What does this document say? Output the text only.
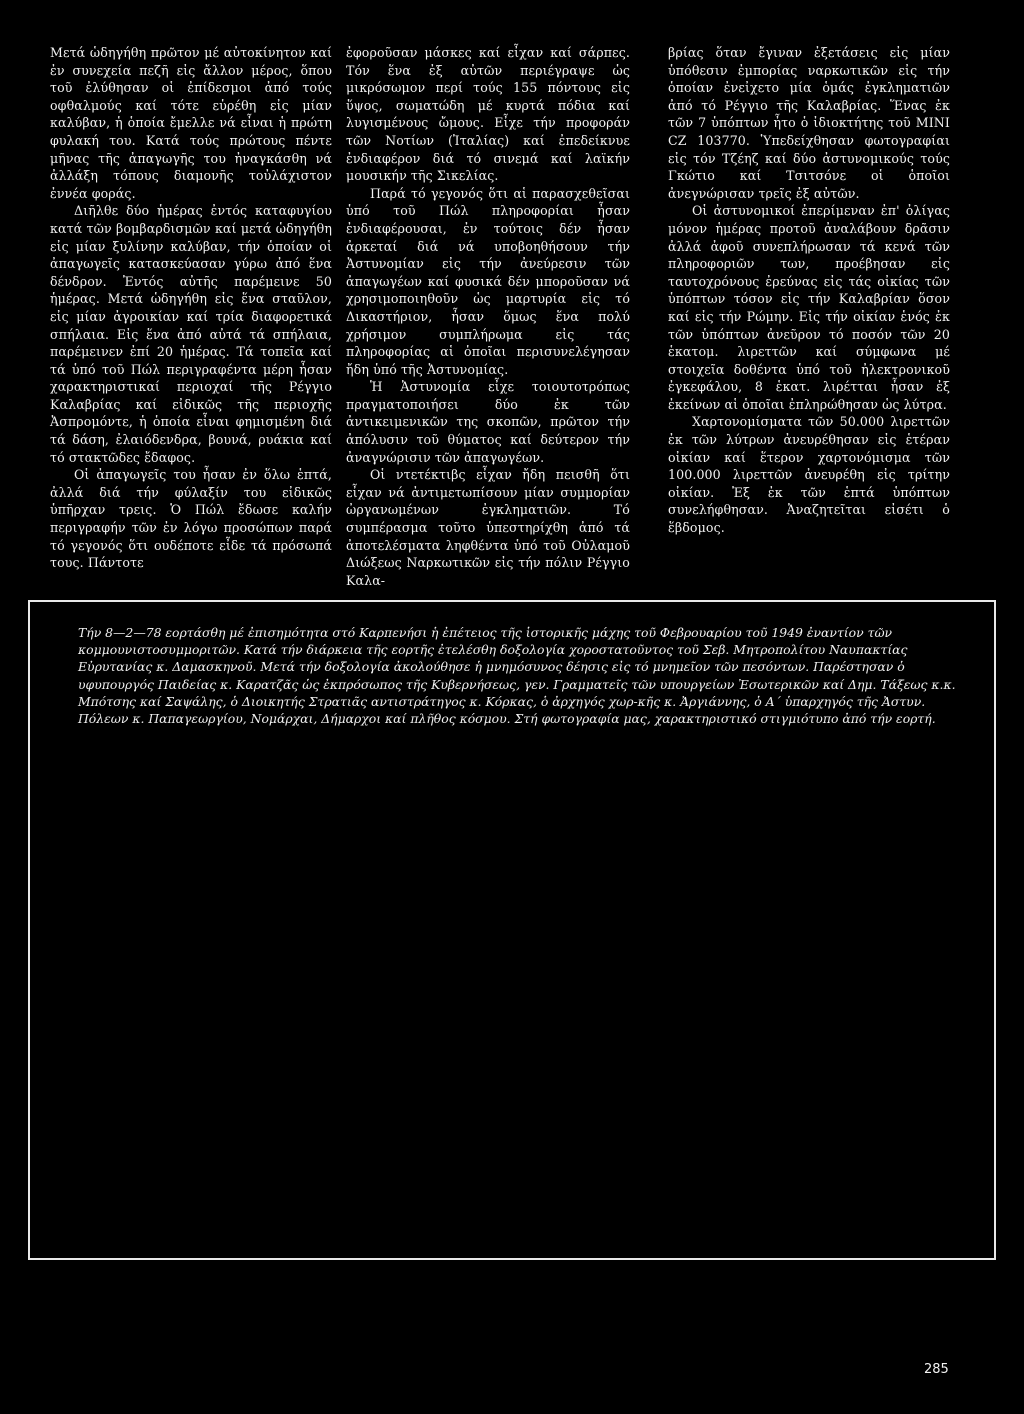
Μετά ὡδηγήθη πρῶτον μέ αὐτοκίνητον καί ἐν συνεχεία πεζῆ εἰς ἄλλον μέρος, ὅπου τοῦ ἐλύθησαν οἱ ἐπίδεσμοι ἀπό τούς οφθαλμούς καί τότε εὑρέθη εἰς μίαν καλύβαν, ἡ ὁποία ἔμελλε νά εἶναι ἡ πρώτη φυλακή του. Κατά τούς πρώτους πέντε μῆνας τῆς ἀπαγωγῆς του ἠναγκάσθη νά ἀλλάξη τόπους διαμονῆς τοὐλάχιστον ἐννέα φοράς.

Διῆλθε δύο ἡμέρας ἐντός καταφυγίου κατά τῶν βομβαρδισμῶν καί μετά ὡδηγήθη εἰς μίαν ξυλίνην καλύβαν, τήν ὁποίαν οἱ ἀπαγωγεῖς κατασκεύασαν γύρω ἀπό ἕνα δένδρον. Ἐντός αὐτῆς παρέμεινε 50 ἡμέρας. Μετά ὡδηγήθη εἰς ἕνα σταῦλον, εἰς μίαν ἀγροικίαν καί τρία διαφορετικά σπήλαια. Εἰς ἕνα ἀπό αὐτά τά σπήλαια, παρέμεινεν ἐπί 20 ἡμέρας. Τά τοπεῖα καί τά ὑπό τοῦ Πώλ περιγραφέντα μέρη ἦσαν χαρακτηριστικαί περιοχαί τῆς Ρέγγιο Καλαβρίας καί εἰδικῶς τῆς περιοχῆς Ἀσπρομόντε, ἡ ὁποία εἶναι φημισμένη διά τά δάση, ἐλαιόδενδρα, βουνά, ρυάκια καί τό στακτῶδες ἔδαφος.

Οἱ ἀπαγωγεῖς του ἦσαν ἐν ὅλω ἑπτά, ἀλλά διά τήν φύλαξίν του εἰδικῶς ὑπῆρχαν τρεις. Ὁ Πώλ ἔδωσε καλήν περιγραφήν τῶν ἐν λόγω προσώπων παρά τό γεγονός ὅτι ουδέποτε εἶδε τά πρόσωπά τους. Πάντοτε

ἐφοροῦσαν μάσκες καί εἶχαν καί σάρπες. Τόν ἕνα ἐξ αὐτῶν περιέγραψε ὡς μικρόσωμον περί τούς 155 πόντους εἰς ὕψος, σωματώδη μέ κυρτά πόδια καί λυγισμένους ὤμους. Εἶχε τήν προφοράν τῶν Νοτίων (Ἰταλίας) καί ἐπεδείκνυε ἐνδιαφέρον διά τό σινεμά καί λαϊκήν μουσικήν τῆς Σικελίας.

Παρά τό γεγονός ὅτι αἱ παρασχεθεῖσαι ὑπό τοῦ Πώλ πληροφορίαι ἦσαν ἐνδιαφέρουσαι, ἐν τούτοις δέν ἦσαν ἀρκεταί διά νά υποβοηθήσουν τήν Ἀστυνομίαν εἰς τήν ἀνεύρεσιν τῶν ἀπαγωγέων καί φυσικά δέν μποροῦσαν νά χρησιμοποιηθοῦν ὡς μαρτυρία εἰς τό Δικαστήριον, ἦσαν ὅμως ἕνα πολύ χρήσιμον συμπλήρωμα εἰς τάς πληροφορίας αἱ ὁποῖαι περισυνελέγησαν ἤδη ὑπό τῆς Ἀστυνομίας.

Ἡ Ἀστυνομία εἶχε τοιουτοτρόπως πραγματοποιήσει δύο ἐκ τῶν ἀντικειμενικῶν της σκοπῶν, πρῶτον τήν ἀπόλυσιν τοῦ θύματος καί δεύτερον τήν ἀναγνώρισιν τῶν ἀπαγωγέων.

Οἱ ντετέκτιβς εἶχαν ἤδη πεισθῆ ὅτι εἶχαν νά ἀντιμετωπίσουν μίαν συμμορίαν ὠργανωμένων ἐγκληματιῶν. Τό συμπέρασμα τοῦτο ὑπεστηρίχθη ἀπό τά ἀποτελέσματα ληφθέντα ὑπό τοῦ Οὐλαμοῦ Διώξεως Ναρκωτικῶν εἰς τήν πόλιν Ρέγγιο Καλα-

βρίας ὅταν ἔγιναν ἐξετάσεις εἰς μίαν ὑπόθεσιν ἐμπορίας ναρκωτικῶν εἰς τήν ὁποίαν ἐνεἰχετο μία ὁμάς ἐγκληματιῶν ἀπό τό Ρέγγιο τῆς Καλαβρίας. Ἕνας ἐκ τῶν 7 ὑπόπτων ἦτο ὁ ἰδιοκτήτης τοῦ MINI CZ 103770. Ὑπεδείχθησαν φωτογραφίαι εἰς τόν Τζέηζ καί δύο ἀστυνομικούς τούς Γκώτιο καί Τσιτσόνε οἱ ὁποῖοι ἀνεγνώρισαν τρεῖς ἐξ αὐτῶν.

Οἱ ἀστυνομικοί ἐπερίμεναν ἐπ' ὀλίγας μόνον ἡμέρας προτοῦ ἀναλάβουν δρᾶσιν ἀλλά ἀφοῦ συνεπλήρωσαν τά κενά τῶν πληροφοριῶν των, προέβησαν εἰς ταυτοχρόνους ἐρεύνας εἰς τάς οἰκίας τῶν ὑπόπτων τόσον εἰς τήν Καλαβρίαν ὅσον καί εἰς τήν Ρώμην. Εἰς τήν οἰκίαν ἑνός ἐκ τῶν ὑπόπτων ἀνεῦρον τό ποσόν τῶν 20 ἑκατομ. λιρεττῶν καί σύμφωνα μέ στοιχεῖα δοθέντα ὑπό τοῦ ἠλεκτρονικοῦ ἐγκεφάλου, 8 ἑκατ. λιρέτται ἦσαν ἐξ ἐκείνων αἱ ὁποῖαι ἐπληρώθησαν ὡς λύτρα.

Χαρτονομίσματα τῶν 50.000 λιρεττῶν ἐκ τῶν λύτρων ἀνευρέθησαν εἰς ἑτέραν οἰκίαν καί ἕτερον χαρτονόμισμα τῶν 100.000 λιρεττῶν ἀνευρέθη εἰς τρίτην οἰκίαν. Ἐξ ἐκ τῶν ἑπτά ὑπόπτων συνελήφθησαν. Ἀναζητεῖται εἰσέτι ὁ ἕβδομος.

Τήν 8—2—78 εορτάσθη μέ ἐπισημότητα στό Καρπενήσι ἡ ἐπέτειος τῆς ἱστορικῆς μάχης τοῦ Φεβρουαρίου τοῦ 1949 ἐναντίον τῶν κομμουνιστοσυμμοριτῶν. Κατά τήν διάρκεια τῆς εορτῆς ἐτελέσθη δοξολογία χοροστατοῦντος τοῦ Σεβ. Μητροπολίτου Ναυπακτίας Εὐρυτανίας κ. Δαμασκηνοῦ. Μετά τήν δοξολογία ἀκολούθησε ἡ μνημόσυνος δέησις εἰς τό μνημεῖον τῶν πεσόντων. Παρέστησαν ὁ υφυπουργός Παιδείας κ. Καρατζᾶς ὡς ἐκπρόσωπος τῆς Κυβερνήσεως, γεν. Γραμματεῖς τῶν υπουργείων Ἐσωτερικῶν καί Δημ. Τάξεως κ.κ. Μπότσης καί Σαψάλης, ὁ Διοικητής Στρατιᾶς αντιστράτηγος κ. Κόρκας, ὁ ἀρχηγός χωρ-κῆς κ. Ἀργιάννης, ὁ Α΄ ὑπαρχηγός τῆς Ἀστυν. Πόλεων κ. Παπαγεωργίου, Νομάρχαι, Δήμαρχοι καί πλῆθος κόσμου. Στή φωτογραφία μας, χαρακτηριστικό στιγμιότυπο ἀπό τήν εορτή.

285
